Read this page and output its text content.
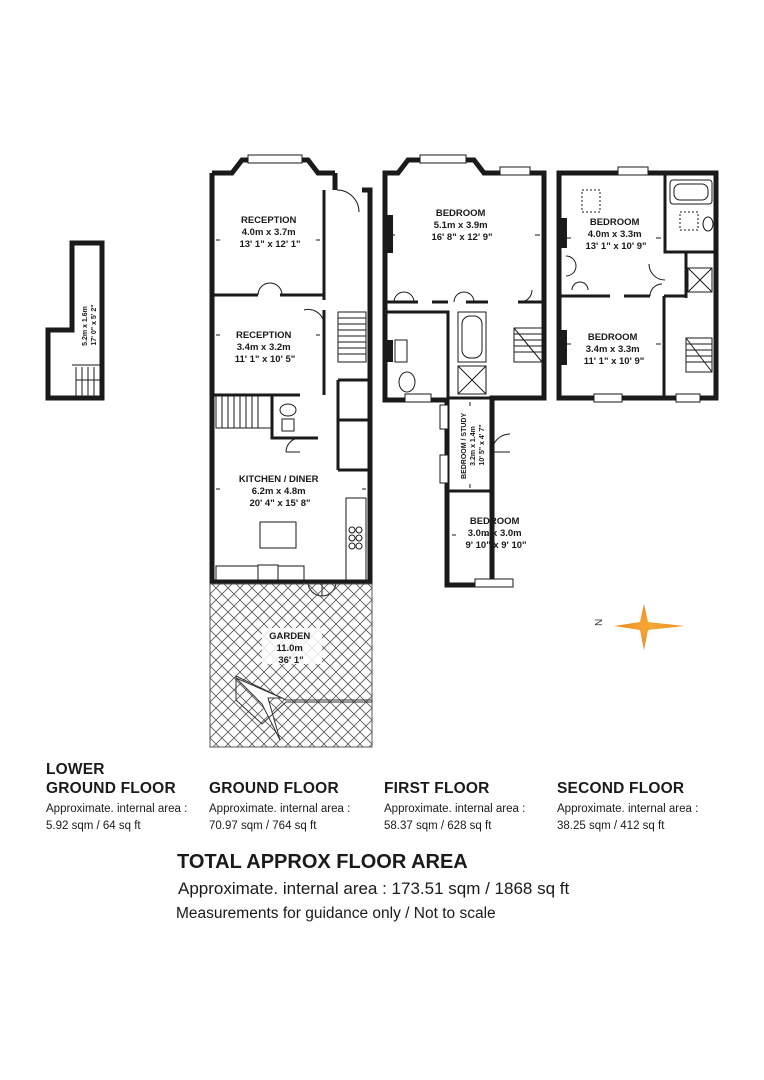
5.2m x 1.6m 17' 0" x 5' 2"
RECEPTION 4.0m x 3.7m 13' 1" x 12' 1"
RECEPTION 3.4m x 3.2m 11' 1" x 10' 5"
KITCHEN / DINER 6.2m x 4.8m 20' 4" x 15' 8"
GARDEN 11.0m 36' 1"
BEDROOM 5.1m x 3.9m 16' 8" x 12' 9"
BEDROOM / STUDY 3.2m x 1.4m 10' 5" x 4' 7"
BEDROOM 3.0m x 3.0m 9' 10" x 9' 10"
BEDROOM 4.0m x 3.3m 13' 1" x 10' 9"
BEDROOM 3.4m x 3.3m 11' 1" x 10' 9"
N
LOWER
GROUND FLOOR
Approximate. internal area :
5.92 sqm / 64 sq ft
GROUND FLOOR
Approximate. internal area :
70.97 sqm / 764 sq ft
FIRST FLOOR
Approximate. internal area :
58.37 sqm / 628 sq ft
SECOND FLOOR
Approximate. internal area :
38.25 sqm / 412 sq ft
TOTAL APPROX FLOOR AREA
Approximate. internal area : 173.51 sqm / 1868 sq ft
Measurements for guidance only / Not to scale
